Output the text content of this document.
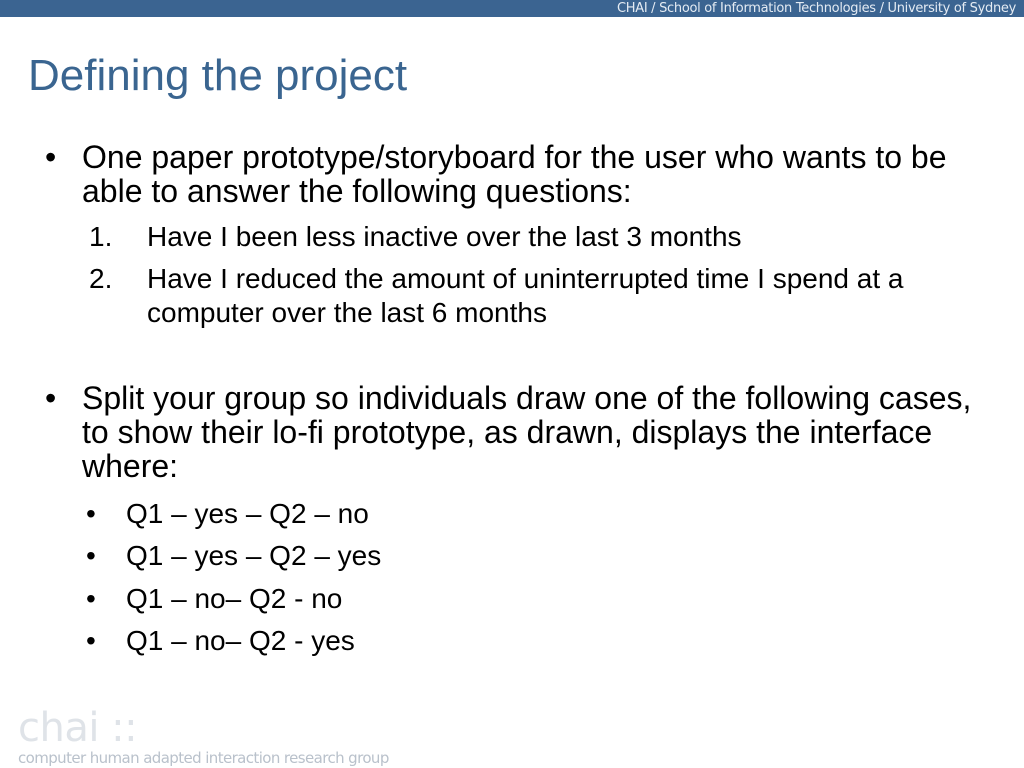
CHAI / School of Information Technologies / University of Sydney
Defining the project
• One paper prototype/storyboard for the user who wants to be able to answer the following questions:
1. Have I been less inactive over the last 3 months
2. Have I reduced the amount of uninterrupted time I spend at a computer over the last 6 months
• Split your group so individuals draw one of the following cases, to show their lo-fi prototype, as drawn, displays the interface where:
• Q1 – yes – Q2 – no
• Q1 – yes – Q2 – yes
• Q1 – no– Q2 - no
• Q1 – no– Q2 - yes
chai ::
computer human adapted interaction research group
